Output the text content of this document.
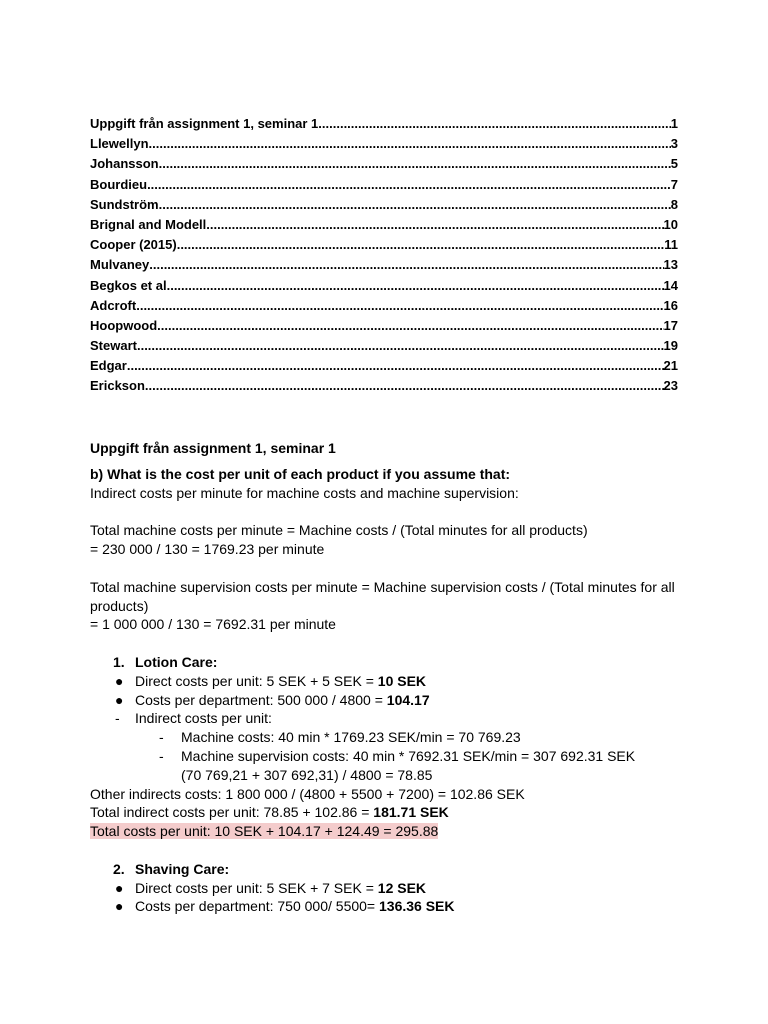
Uppgift från assignment 1, seminar 1 .....	1
Llewellyn .....	3
Johansson .....	5
Bourdieu .....	7
Sundström .....	8
Brignal and Modell .....	10
Cooper (2015) .....	11
Mulvaney .....	13
Begkos et al .....	14
Adcroft .....	16
Hoopwood .....	17
Stewart .....	19
Edgar .....	21
Erickson .....	23
Uppgift från assignment 1, seminar 1
b) What is the cost per unit of each product if you assume that:
Indirect costs per minute for machine costs and machine supervision:
Total machine costs per minute = Machine costs / (Total minutes for all products)
= 230 000 / 130 = 1769.23 per minute
Total machine supervision costs per minute = Machine supervision costs / (Total minutes for all
products)
= 1 000 000 / 130 = 7692.31 per minute
1. Lotion Care:
● Direct costs per unit: 5 SEK + 5 SEK = 10 SEK
● Costs per department: 500 000 / 4800 = 104.17
- Indirect costs per unit:
- Machine costs: 40 min * 1769.23 SEK/min = 70 769.23
- Machine supervision costs: 40 min * 7692.31 SEK/min = 307 692.31 SEK
(70 769,21 + 307 692,31) / 4800 = 78.85
Other indirects costs: 1 800 000 / (4800 + 5500 + 7200) = 102.86 SEK
Total indirect costs per unit: 78.85 + 102.86 = 181.71 SEK
Total costs per unit: 10 SEK + 104.17 + 124.49 = 295.88
2. Shaving Care:
● Direct costs per unit: 5 SEK + 7 SEK = 12 SEK
● Costs per department: 750 000/ 5500= 136.36 SEK
